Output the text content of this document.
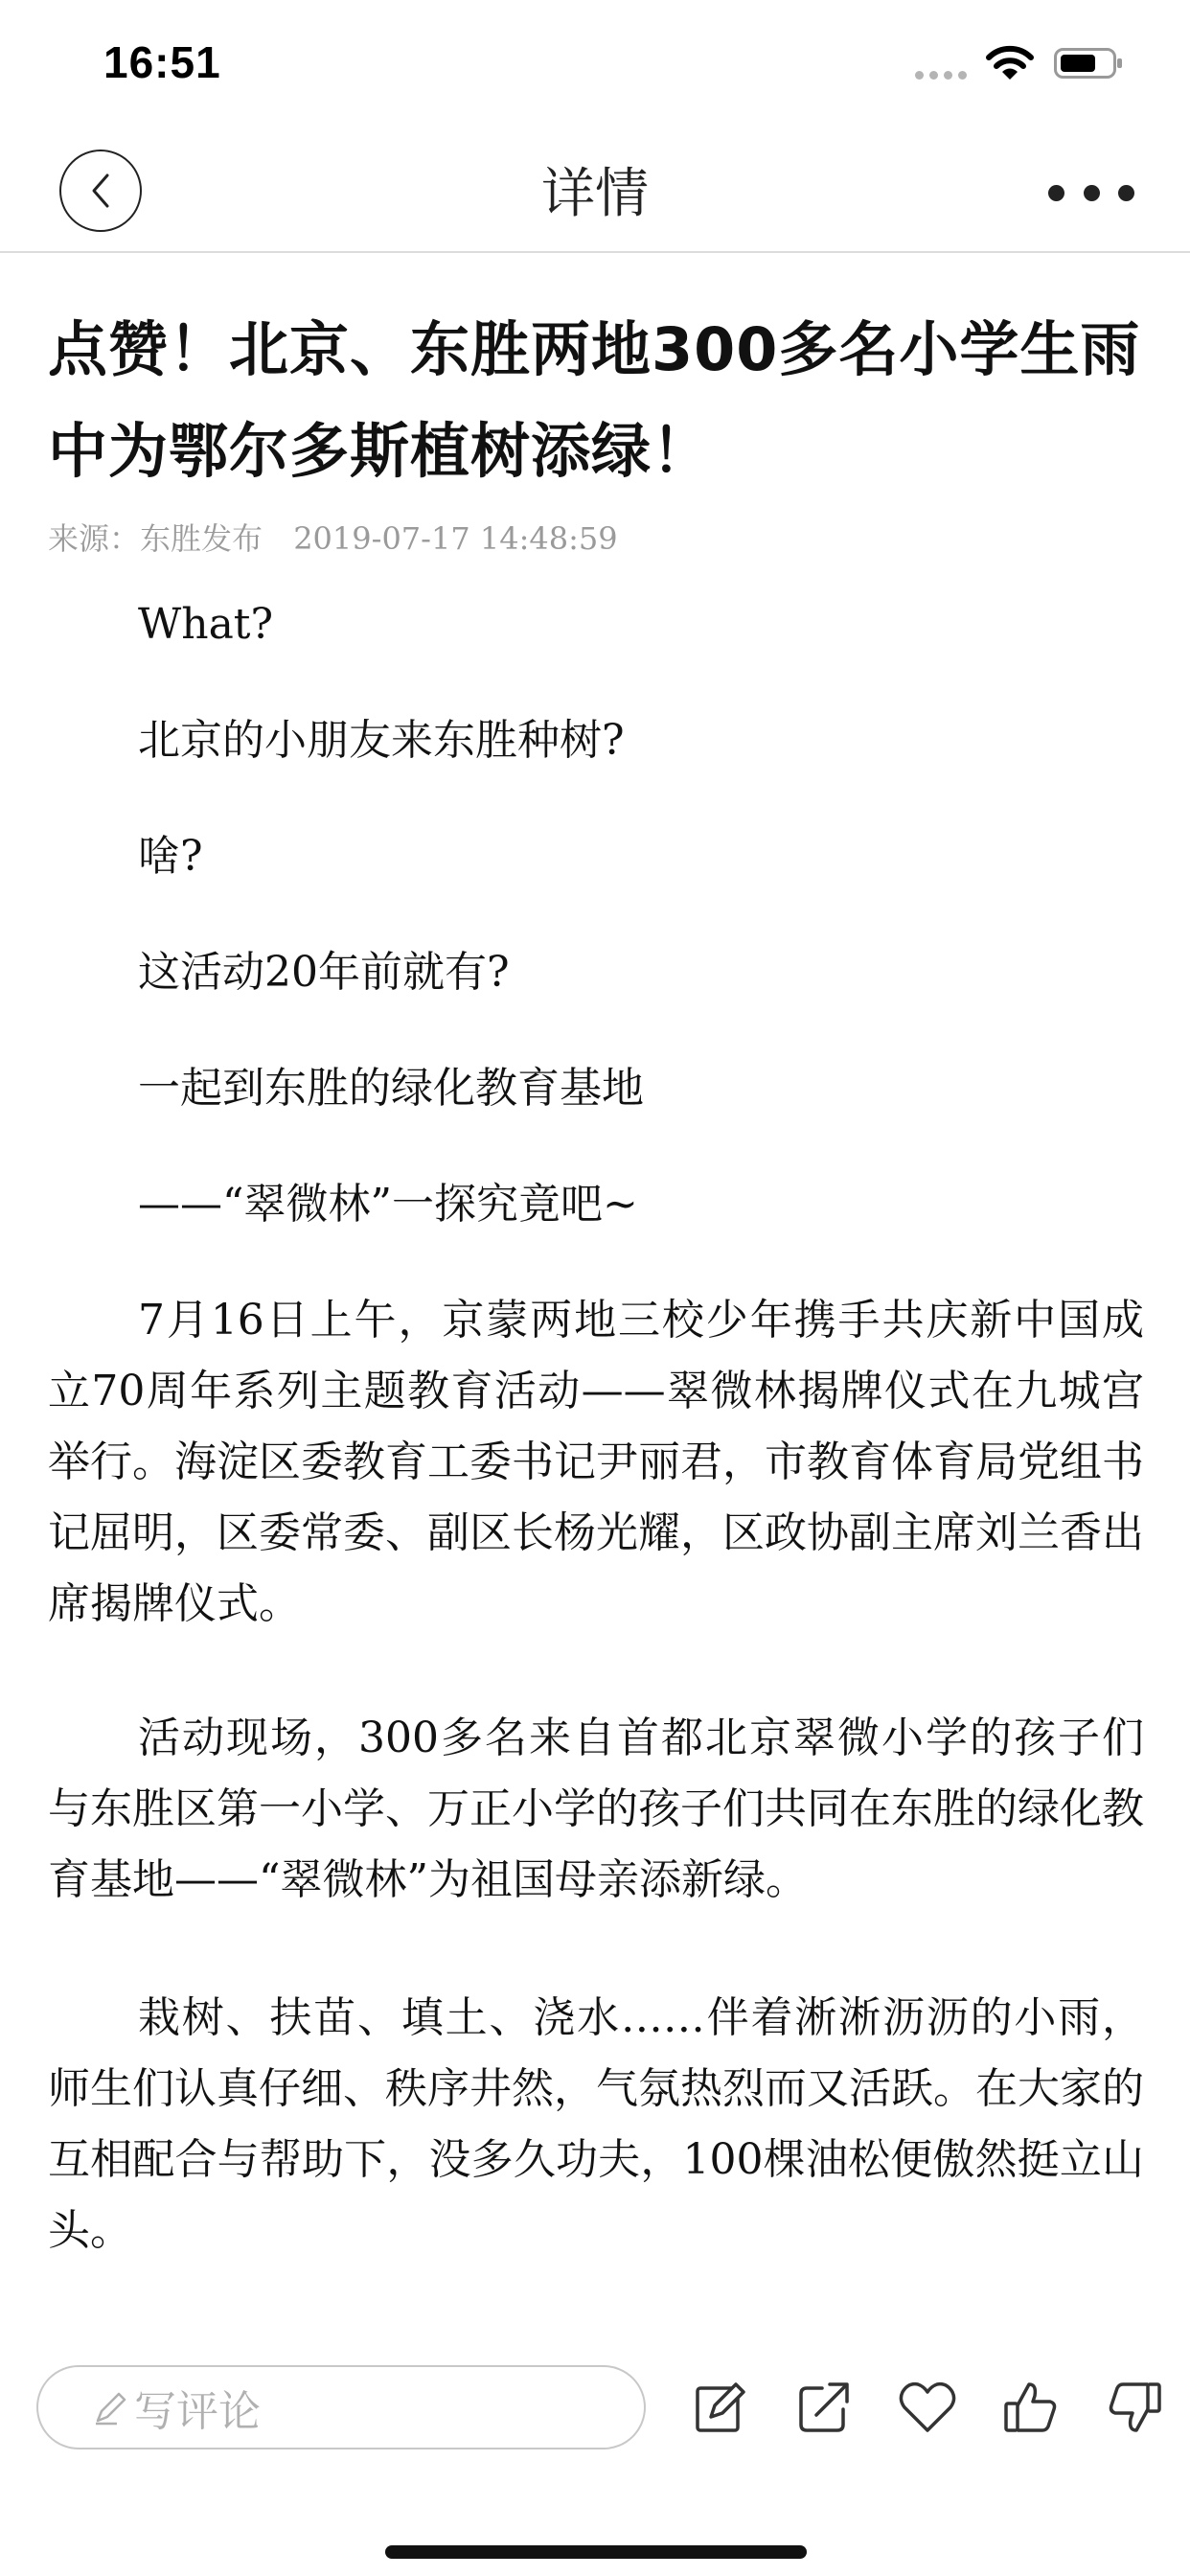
16:51
详情
点赞！北京、东胜两地300多名小学生雨中为鄂尔多斯植树添绿！
来源：东胜发布 2019-07-17 14:48:59

What?

北京的小朋友来东胜种树?

啥?

这活动20年前就有?

一起到东胜的绿化教育基地

——“翠微林”一探究竟吧~

7月16日上午，京蒙两地三校少年携手共庆新中国成立70周年系列主题教育活动——翠微林揭牌仪式在九城宫举行。海淀区委教育工委书记尹丽君，市教育体育局党组书记屈明，区委常委、副区长杨光耀，区政协副主席刘兰香出席揭牌仪式。

活动现场，300多名来自首都北京翠微小学的孩子们与东胜区第一小学、万正小学的孩子们共同在东胜的绿化教育基地——“翠微林”为祖国母亲添新绿。

栽树、扶苗、填土、浇水……伴着淅淅沥沥的小雨，师生们认真仔细、秩序井然，气氛热烈而又活跃。在大家的互相配合与帮助下，没多久功夫，100棵油松便傲然挺立山头。

写评论
